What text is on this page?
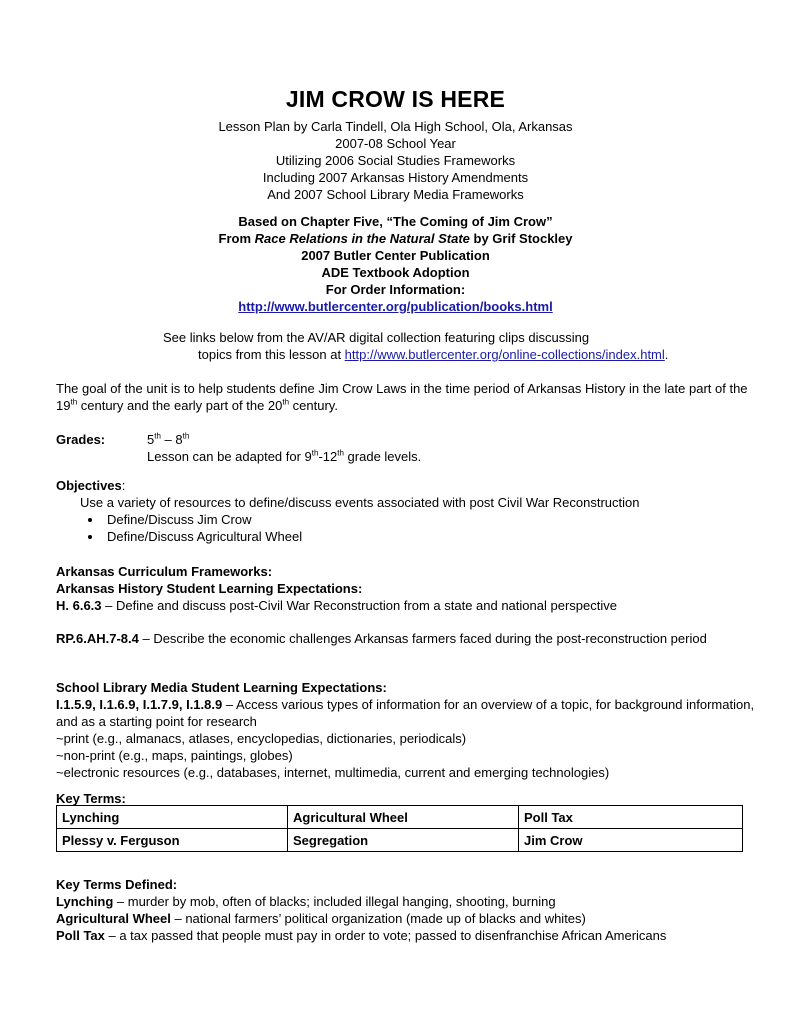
JIM CROW IS HERE
Lesson Plan by Carla Tindell, Ola High School, Ola, Arkansas
2007-08 School Year
Utilizing 2006 Social Studies Frameworks
Including 2007 Arkansas History Amendments
And 2007 School Library Media Frameworks
Based on Chapter Five, “The Coming of Jim Crow”
From Race Relations in the Natural State by Grif Stockley
2007 Butler Center Publication
ADE Textbook Adoption
For Order Information:
http://www.butlercenter.org/publication/books.html
See links below from the AV/AR digital collection featuring clips discussing
topics from this lesson at http://www.butlercenter.org/online-collections/index.html.
The goal of the unit is to help students define Jim Crow Laws in the time period of Arkansas History in the late part of the 19th century and the early part of the 20th century.
Grades:	5th – 8th
Lesson can be adapted for 9th-12th grade levels.
Objectives:
Use a variety of resources to define/discuss events associated with post Civil War Reconstruction
• Define/Discuss Jim Crow
• Define/Discuss Agricultural Wheel
Arkansas Curriculum Frameworks:
Arkansas History Student Learning Expectations:
H. 6.6.3 – Define and discuss post-Civil War Reconstruction from a state and national perspective
RP.6.AH.7-8.4 – Describe the economic challenges Arkansas farmers faced during the post-reconstruction period
School Library Media Student Learning Expectations:
I.1.5.9, I.1.6.9, I.1.7.9, I.1.8.9 – Access various types of information for an overview of a topic, for background information, and as a starting point for research
~print (e.g., almanacs, atlases, encyclopedias, dictionaries, periodicals)
~non-print (e.g., maps, paintings, globes)
~electronic resources (e.g., databases, internet, multimedia, current and emerging technologies)
Key Terms:
Lynching	Agricultural Wheel	Poll Tax
Plessy v. Ferguson	Segregation	Jim Crow
Key Terms Defined:
Lynching – murder by mob, often of blacks; included illegal hanging, shooting, burning
Agricultural Wheel – national farmers’ political organization (made up of blacks and whites)
Poll Tax – a tax passed that people must pay in order to vote; passed to disenfranchise African Americans
